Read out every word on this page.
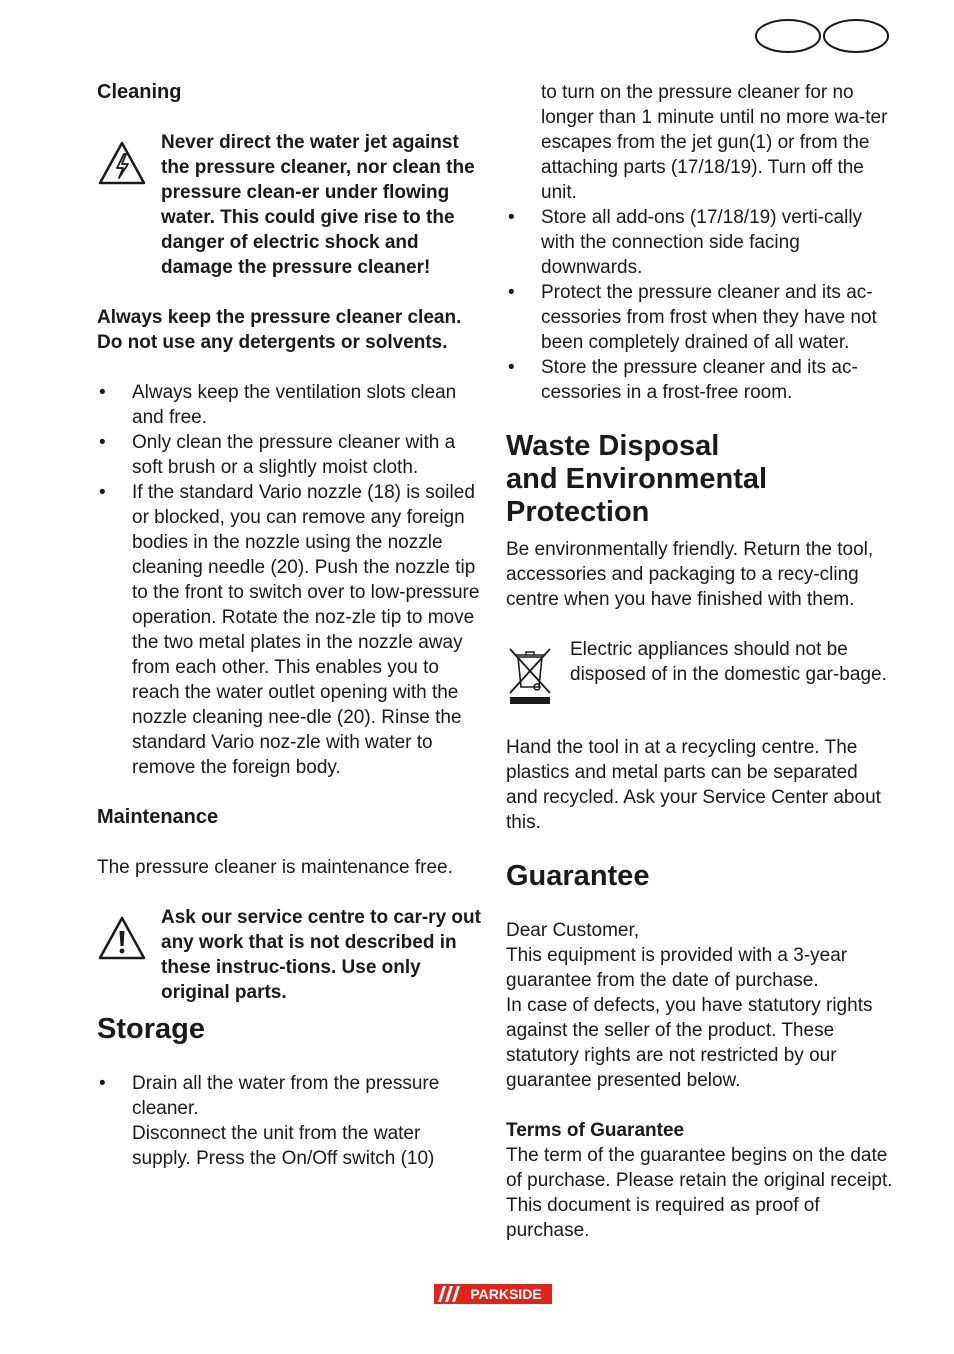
Cleaning

Never direct the water jet against the pressure cleaner, nor clean the pressure clean-er under flowing water. This could give rise to the danger of electric shock and damage the pressure cleaner!

Always keep the pressure cleaner clean. Do not use any detergents or solvents.

• Always keep the ventilation slots clean and free.
• Only clean the pressure cleaner with a soft brush or a slightly moist cloth.
• If the standard Vario nozzle (18) is soiled or blocked, you can remove any foreign bodies in the nozzle using the nozzle cleaning needle (20). Push the nozzle tip to the front to switch over to low-pressure operation. Rotate the noz-zle tip to move the two metal plates in the nozzle away from each other. This enables you to reach the water outlet opening with the nozzle cleaning nee-dle (20). Rinse the standard Vario noz-zle with water to remove the foreign body.
Maintenance

The pressure cleaner is maintenance free.

Ask our service centre to car-ry out any work that is not described in these instruc-tions. Use only original parts.

Storage
• Drain all the water from the pressure cleaner.
Disconnect the unit from the water supply. Press the On/Off switch (10)
to turn on the pressure cleaner for no longer than 1 minute until no more wa-ter escapes from the jet gun(1) or from the attaching parts (17/18/19). Turn off the unit.
• Store all add-ons (17/18/19) verti-cally with the connection side facing downwards.
• Protect the pressure cleaner and its ac-cessories from frost when they have not been completely drained of all water.
• Store the pressure cleaner and its ac-cessories in a frost-free room.
Waste Disposal
and Environmental
Protection

Be environmentally friendly. Return the tool, accessories and packaging to a recy-cling centre when you have finished with them.

Electric appliances should not be disposed of in the domestic gar-bage.

Hand the tool in at a recycling centre. The plastics and metal parts can be separated and recycled. Ask your Service Center about this.

Guarantee

Dear Customer,

This equipment is provided with a 3-year guarantee from the date of purchase.

In case of defects, you have statutory rights against the seller of the product. These statutory rights are not restricted by our guarantee presented below.

Terms of Guarantee

The term of the guarantee begins on the date of purchase. Please retain the original receipt. This document is required as proof of purchase.

PARKSIDE
